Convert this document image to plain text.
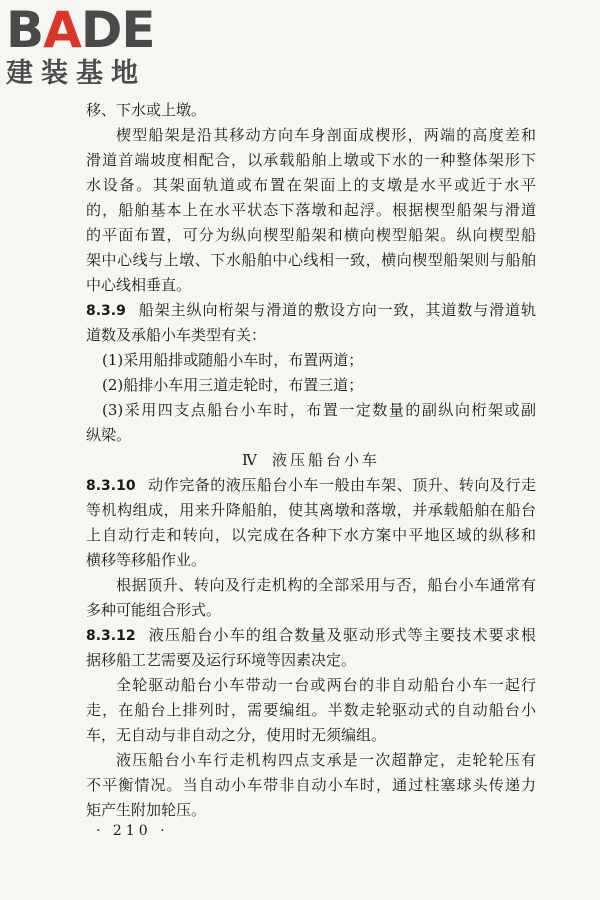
B A DE
建装基地
移、下水或上墩。
楔型船架是沿其移动方向车身剖面成楔形，两端的高度差和
滑道首端坡度相配合，以承载船舶上墩或下水的一种整体架形下
水设备。其架面轨道或布置在架面上的支墩是水平或近于水平
的，船舶基本上在水平状态下落墩和起浮。根据楔型船架与滑道
的平面布置，可分为纵向楔型船架和横向楔型船架。纵向楔型船
架中心线与上墩、下水船舶中心线相一致，横向楔型船架则与船舶
中心线相垂直。
8.3.9 船架主纵向桁架与滑道的敷设方向一致，其道数与滑道轨
道数及承船小车类型有关：
(1)采用船排或随船小车时，布置两道；
(2)船排小车用三道走轮时，布置三道；
(3)采用四支点船台小车时，布置一定数量的副纵向桁架或副
纵梁。
Ⅳ 液压船台小车
8.3.10 动作完备的液压船台小车一般由车架、顶升、转向及行走
等机构组成，用来升降船舶，使其离墩和落墩，并承载船舶在船台
上自动行走和转向，以完成在各种下水方案中平地区域的纵移和
横移等移船作业。
根据顶升、转向及行走机构的全部采用与否，船台小车通常有
多种可能组合形式。
8.3.12 液压船台小车的组合数量及驱动形式等主要技术要求根
据移船工艺需要及运行环境等因素决定。
全轮驱动船台小车带动一台或两台的非自动船台小车一起行
走，在船台上排列时，需要编组。半数走轮驱动式的自动船台小
车，无自动与非自动之分，使用时无须编组。
液压船台小车行走机构四点支承是一次超静定，走轮轮压有
不平衡情况。当自动小车带非自动小车时，通过柱塞球头传递力
矩产生附加轮压。
· 210 ·
